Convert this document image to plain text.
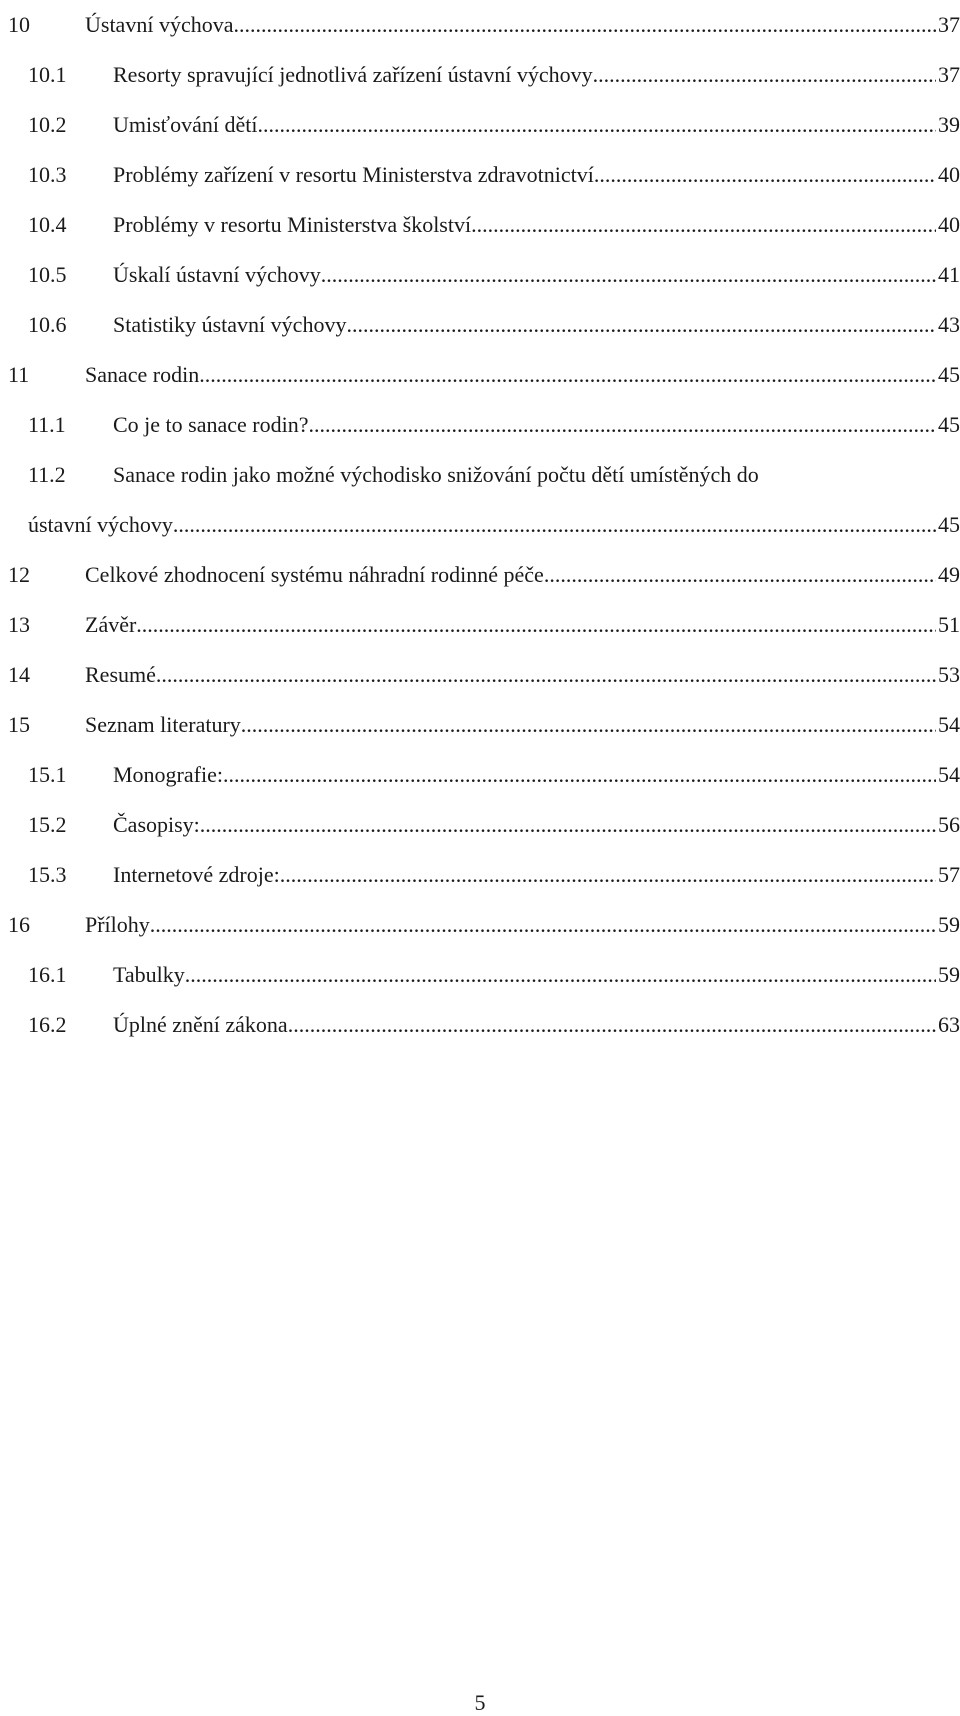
10	Ústavní výchova .....	37
10.1 Resorty spravující jednotlivá zařízení ústavní výchovy .....	37
10.2 Umisťování dětí .....	39
10.3 Problémy zařízení v resortu Ministerstva zdravotnictví .....	40
10.4 Problémy v resortu Ministerstva školství .....	40
10.5 Úskalí ústavní výchovy .....	41
10.6 Statistiky ústavní výchovy .....	43
11	Sanace rodin .....	45
11.1 Co je to sanace rodin? .....	45
11.2 Sanace rodin jako možné východisko snižování počtu dětí umístěných do
ústavní výchovy .....	45
12	Celkové zhodnocení systému náhradní rodinné péče .....	49
13	Závěr .....	51
14	Resumé .....	53
15	Seznam literatury .....	54
15.1 Monografie: .....	54
15.2 Časopisy: .....	56
15.3 Internetové zdroje: .....	57
16	Přílohy .....	59
16.1 Tabulky .....	59
16.2 Úplné znění zákona .....	63
5
